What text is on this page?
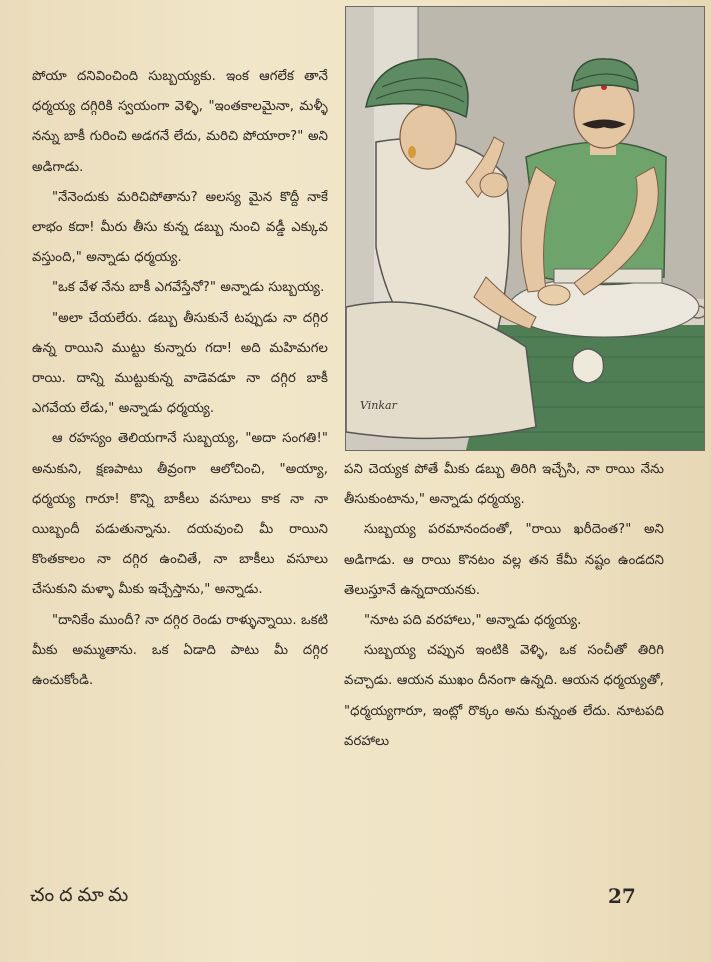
పోయా దనివించింది సుబ్బయ్యకు. ఇంక ఆగలేక తానే ధర్మయ్య దగ్గిరికి స్వయంగా వెళ్ళి, "ఇంతకాలమైనా, మళ్ళీ నన్ను బాకీ గురించి అడగనే లేదు, మరిచి పోయారా?" అని అడిగాడు.

"నేనెందుకు మరిచిపోతాను? అలస్య మైన కొద్దీ నాకే లాభం కదా! మీరు తీసు కున్న డబ్బు నుంచి వడ్డీ ఎక్కువ వస్తుంది," అన్నాడు ధర్మయ్య.

"ఒక వేళ నేను బాకీ ఎగవేస్తేనో?" అన్నాడు సుబ్బయ్య.

"అలా చేయలేరు. డబ్బు తీసుకునే టప్పుడు నా దగ్గిర ఉన్న రాయిని ముట్టు కున్నారు గదా! అది మహిమగల రాయి. దాన్ని ముట్టుకున్న వాడెవడూ నా దగ్గిర బాకీ ఎగవేయ లేడు," అన్నాడు ధర్మయ్య.

ఆ రహస్యం తెలియగానే సుబ్బయ్య, "అదా సంగతి!" అనుకుని, క్షణపాటు తీవ్రంగా ఆలోచించి, "అయ్యా, ధర్మయ్య గారూ! కొన్ని బాకీలు వసూలు కాక నా నా యిబ్బందీ పడుతున్నాను. దయవుంచి మీ రాయిని కొంతకాలం నా దగ్గిర ఉంచితే, నా బాకీలు వసూలు చేసుకుని మళ్ళా మీకు ఇచ్చేస్తాను," అన్నాడు.

"దానికేం ముందీ? నా దగ్గిర రెండు రాళ్ళున్నాయి. ఒకటి మీకు అమ్ముతాను. ఒక ఏడాది పాటు మీ దగ్గిర ఉంచుకోండి.

Vinkar

పని చెయ్యక పోతే మీకు డబ్బు తిరిగి ఇచ్చేసి, నా రాయి నేను తీసుకుంటాను," అన్నాడు ధర్మయ్య.

సుబ్బయ్య పరమానందంతో, "రాయి ఖరీదెంత?" అని అడిగాడు. ఆ రాయి కొనటం వల్ల తన కేమీ నష్టం ఉండదని తెలుస్తూనే ఉన్నదాయనకు.

"నూట పది వరహాలు," అన్నాడు ధర్మయ్య.

సుబ్బయ్య చప్పున ఇంటికి వెళ్ళి, ఒక సంచీతో తిరిగి వచ్చాడు. ఆయన ముఖం దీనంగా ఉన్నది. ఆయన ధర్మయ్యతో, "ధర్మయ్యగారూ, ఇంట్లో రొక్కం అను కున్నంత లేదు. నూటపది వరహాలు

చందమామ	27
